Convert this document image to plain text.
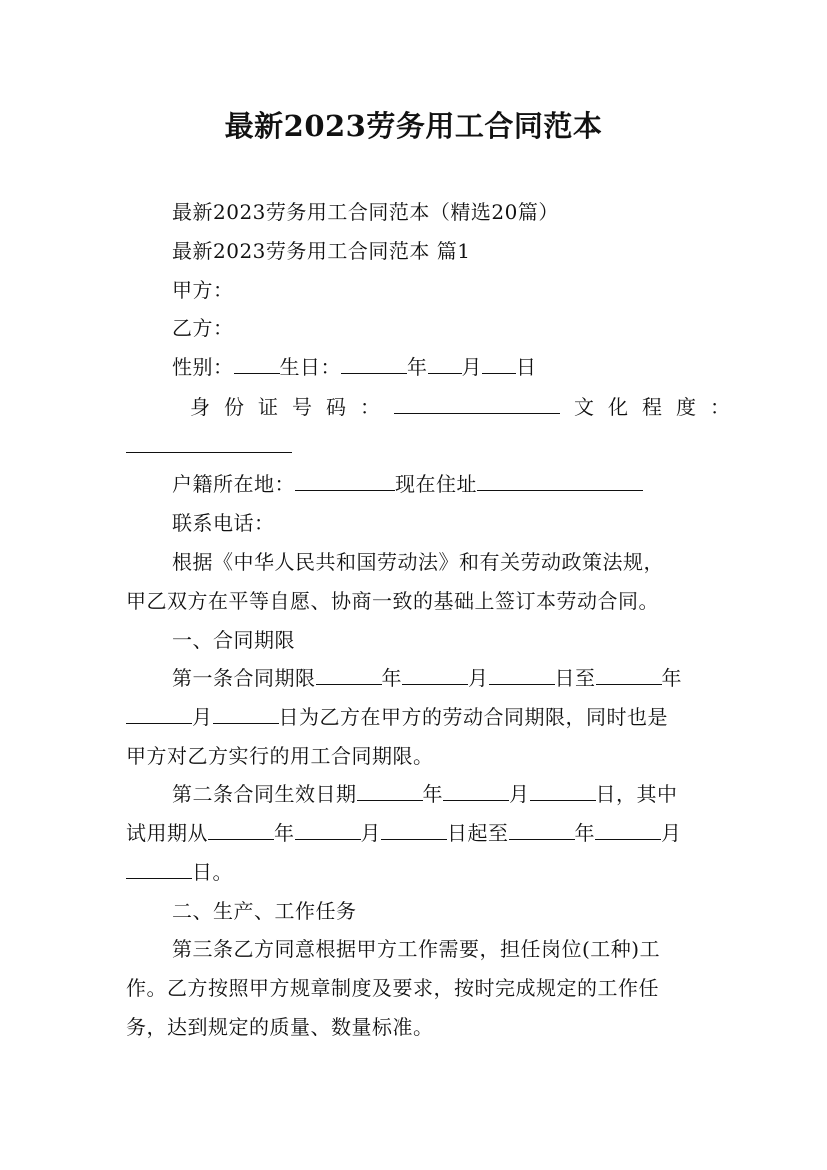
最新2023劳务用工合同范本
最新2023劳务用工合同范本（精选20篇）
最新2023劳务用工合同范本 篇1
甲方：
乙方：
性别： 生日：	年 月 日
身份证号码：	文化程度：
户籍所在地：	现在住址
联系电话：
根据《中华人民共和国劳动法》和有关劳动政策法规，
甲乙双方在平等自愿、协商一致的基础上签订本劳动合同。
一、合同期限
第一条合同期限	年	月	日至	年
月	日为乙方在甲方的劳动合同期限，同时也是
甲方对乙方实行的用工合同期限。
第二条合同生效日期	年	月	日，其中
试用期从	年	月	日起至	年	月
日。
二、生产、工作任务
第三条乙方同意根据甲方工作需要，担任岗位(工种)工
作。乙方按照甲方规章制度及要求，按时完成规定的工作任
务，达到规定的质量、数量标准。
